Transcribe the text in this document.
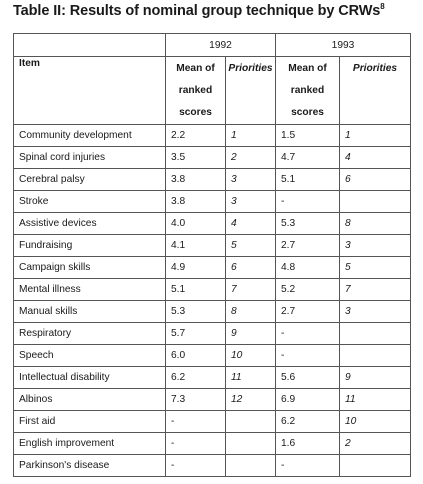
Table II: Results of nominal group technique by CRWs$^8$
	1992		1993	
Item	Mean of
ranked
scores	Priorities	Mean of
ranked
scores	Priorities
Community development	2.2	1	1.5	1
Spinal cord injuries	3.5	2	4.7	4
Cerebral palsy	3.8	3	5.1	6
Stroke	3.8	3	-	
Assistive devices	4.0	4	5.3	8
Fundraising	4.1	5	2.7	3
Campaign skills	4.9	6	4.8	5
Mental illness	5.1	7	5.2	7
Manual skills	5.3	8	2.7	3
Respiratory	5.7	9	-	
Speech	6.0	10	-	
Intellectual disability	6.2	11	5.6	9
Albinos	7.3	12	6.9	11
First aid	-		6.2	10
English improvement	-		1.6	2
Parkinson's disease	-		-	
